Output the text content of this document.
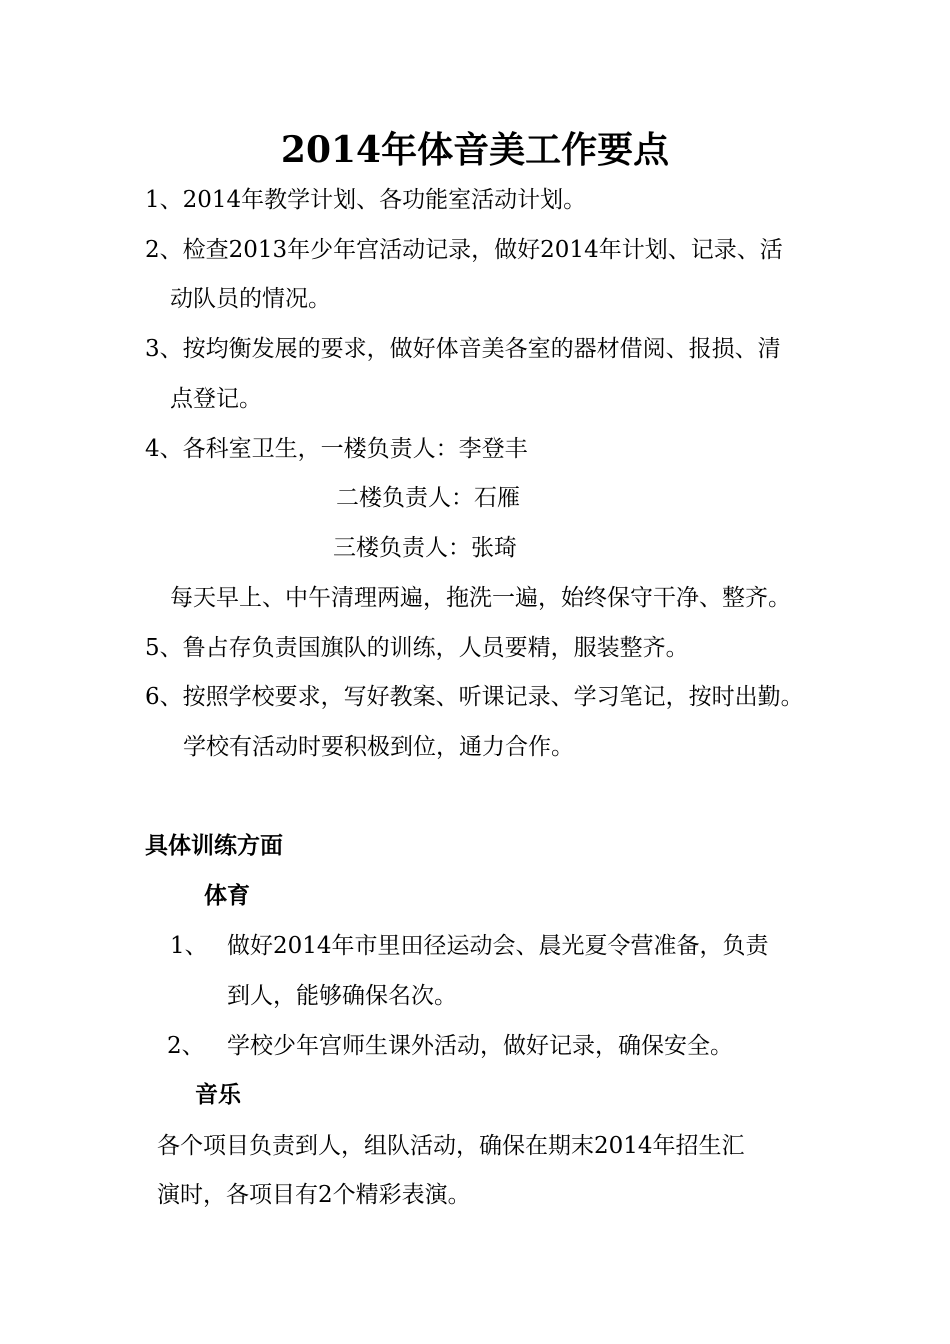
2014年体音美工作要点
1、2014年教学计划、各功能室活动计划。
2、检查2013年少年宫活动记录，做好2014年计划、记录、活
动队员的情况。
3、按均衡发展的要求，做好体音美各室的器材借阅、报损、清
点登记。
4、各科室卫生，一楼负责人：李登丰
二楼负责人：石雁
三楼负责人：张琦
每天早上、中午清理两遍，拖洗一遍，始终保守干净、整齐。
5、鲁占存负责国旗队的训练，人员要精，服装整齐。
6、按照学校要求，写好教案、听课记录、学习笔记，按时出勤。
学校有活动时要积极到位，通力合作。
具体训练方面
体育
1、 做好2014年市里田径运动会、晨光夏令营准备，负责
到人，能够确保名次。
2、 学校少年宫师生课外活动，做好记录，确保安全。
音乐
各个项目负责到人，组队活动，确保在期末2014年招生汇
演时，各项目有2个精彩表演。
